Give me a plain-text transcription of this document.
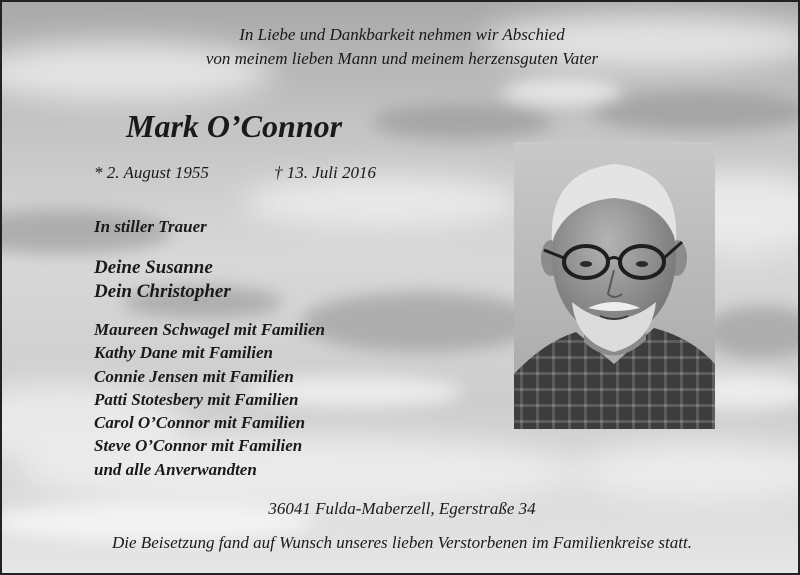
In Liebe und Dankbarkeit nehmen wir Abschied
von meinem lieben Mann und meinem herzensguten Vater
Mark O’Connor
* 2. August 1955	† 13. Juli 2016
In stiller Trauer
Deine Susanne
Dein Christopher
Maureen Schwagel mit Familien
Kathy Dane mit Familien
Connie Jensen mit Familien
Patti Stotesbery mit Familien
Carol O’Connor mit Familien
Steve O’Connor mit Familien
und alle Anverwandten
36041 Fulda-Maberzell, Egerstraße 34
Die Beisetzung fand auf Wunsch unseres lieben Verstorbenen im Familienkreise statt.
